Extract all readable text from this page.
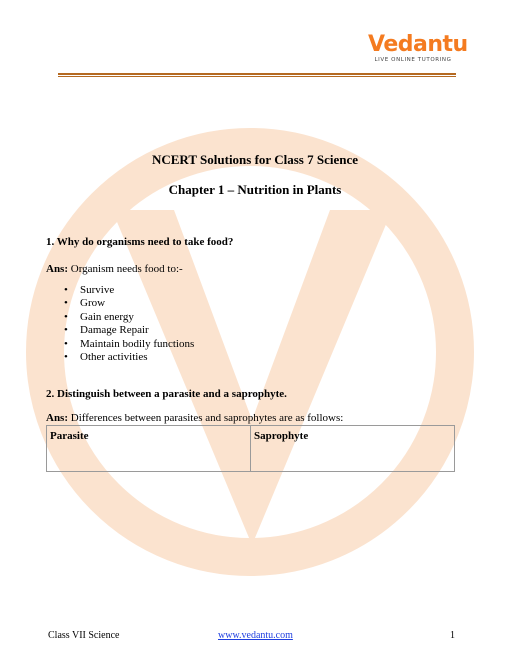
Vedantu
LIVE ONLINE TUTORING
NCERT Solutions for Class 7 Science
Chapter 1 – Nutrition in Plants
1. Why do organisms need to take food?
Ans: Organism needs food to:-
• Survive
• Grow
• Gain energy
• Damage Repair
• Maintain bodily functions
• Other activities
2. Distinguish between a parasite and a saprophyte.
Ans: Differences between parasites and saprophytes are as follows:
Parasite	Saprophyte
Class VII Science	www.vedantu.com	1
